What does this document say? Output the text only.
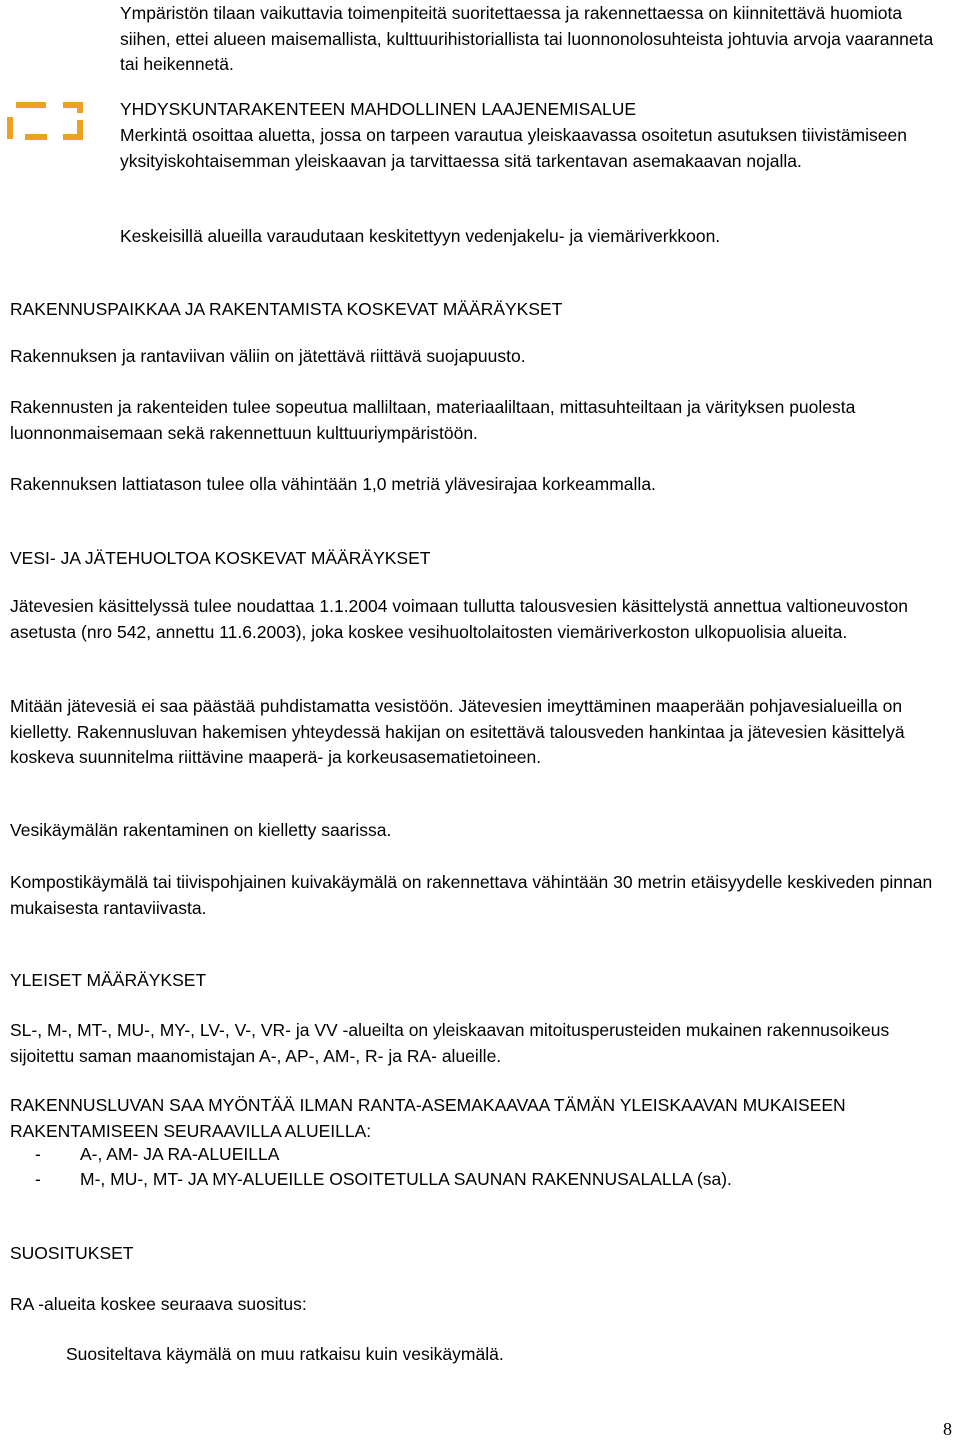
Ympäristön tilaan vaikuttavia toimenpiteitä suoritettaessa ja rakennettaessa on kiinnitettävä huomiota siihen, ettei alueen maisemallista, kulttuurihistoriallista tai luonnonolosuhteista johtuvia arvoja vaaranneta tai heikennetä.

YHDYSKUNTARAKENTEEN MAHDOLLINEN LAAJENEMISALUE

Merkintä osoittaa aluetta, jossa on tarpeen varautua yleiskaavassa osoitetun asutuksen tiivistämiseen yksityiskohtaisemman yleiskaavan ja tarvittaessa sitä tarkentavan asemakaavan nojalla.

Keskeisillä alueilla varaudutaan keskitettyyn vedenjakelu- ja viemäriverkkoon.

RAKENNUSPAIKKAA JA RAKENTAMISTA KOSKEVAT MÄÄRÄYKSET

Rakennuksen ja rantaviivan väliin on jätettävä riittävä suojapuusto.

Rakennusten ja rakenteiden tulee sopeutua malliltaan, materiaaliltaan, mittasuhteiltaan ja värityksen puolesta luonnonmaisemaan sekä rakennettuun kulttuuriympäristöön.

Rakennuksen lattiatason tulee olla vähintään 1,0 metriä ylävesirajaa korkeammalla.

VESI- JA JÄTEHUOLTOA KOSKEVAT MÄÄRÄYKSET

Jätevesien käsittelyssä tulee noudattaa 1.1.2004 voimaan tullutta talousvesien käsittelystä annettua valtioneuvoston asetusta (nro 542, annettu 11.6.2003), joka koskee vesihuoltolaitosten viemäriverkoston ulkopuolisia alueita.

Mitään jätevesiä ei saa päästää puhdistamatta vesistöön. Jätevesien imeyttäminen maaperään pohjavesialueilla on kielletty. Rakennusluvan hakemisen yhteydessä hakijan on esitettävä talousveden hankintaa ja jätevesien käsittelyä koskeva suunnitelma riittävine maaperä- ja korkeusasematietoineen.

Vesikäymälän rakentaminen on kielletty saarissa.

Kompostikäymälä tai tiivispohjainen kuivakäymälä on rakennettava vähintään 30 metrin etäisyydelle keskiveden pinnan mukaisesta rantaviivasta.

YLEISET MÄÄRÄYKSET

SL-, M-, MT-, MU-, MY-, LV-, V-, VR- ja VV -alueilta on yleiskaavan mitoitusperusteiden mukainen rakennusoikeus sijoitettu saman maanomistajan A-, AP-, AM-, R- ja RA- alueille.

RAKENNUSLUVAN SAA MYÖNTÄÄ ILMAN RANTA-ASEMAKAAVAA TÄMÄN YLEISKAAVAN MUKAISEEN RAKENTAMISEEN SEURAAVILLA ALUEILLA:

- A-, AM- JA RA-ALUEILLA
- M-, MU-, MT- JA MY-ALUEILLE OSOITETULLA SAUNAN RAKENNUSALALLA (sa).

SUOSITUKSET

RA -alueita koskee seuraava suositus:

Suositeltava käymälä on muu ratkaisu kuin vesikäymälä.

8
